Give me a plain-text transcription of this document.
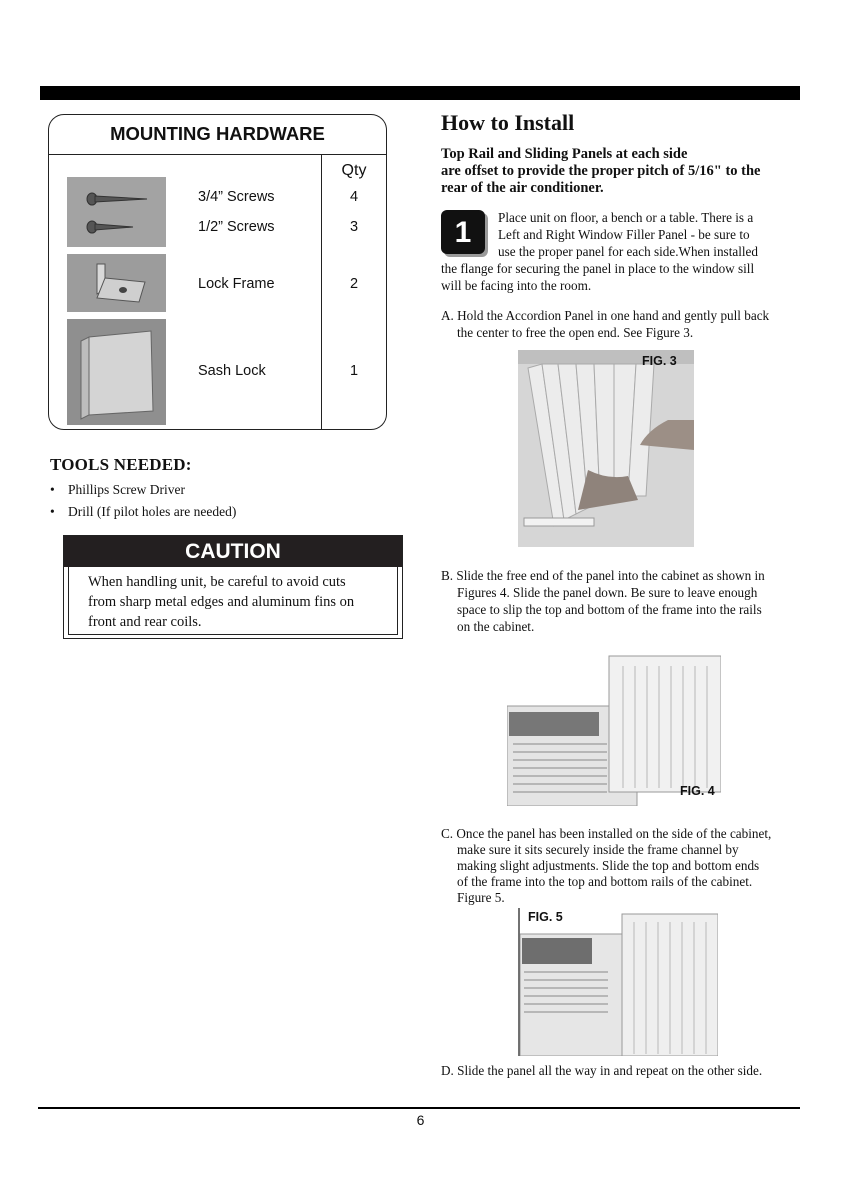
MOUNTING HARDWARE
Qty
3/4” Screws	4
1/2” Screws	3
Lock Frame	2
Sash Lock	1
TOOLS NEEDED:
• Phillips Screw Driver
• Drill (If pilot holes are needed)
CAUTION
When handling unit, be careful to avoid cuts
from sharp metal edges and aluminum fins on
front and rear coils.
How to Install
Top Rail and Sliding Panels at each side
are offset to provide the proper pitch of 5/16" to the
rear of the air conditioner.
1	Place unit on floor, a bench or a table. There is a
Left and Right Window Filler Panel - be sure to
use the proper panel for each side.When installed
the flange for securing the panel in place to the window sill
will be facing into the room.
A. Hold the Accordion Panel in one hand and gently pull back
the center to free the open end. See Figure 3.
FIG. 3
B. Slide the free end of the panel into the cabinet as shown in
Figures 4. Slide the panel down. Be sure to leave enough
space to slip the top and bottom of the frame into the rails
on the cabinet.
FIG. 4
C. Once the panel has been installed on the side of the cabinet,
make sure it sits securely inside the frame channel by
making slight adjustments. Slide the top and bottom ends
of the frame into the top and bottom rails of the cabinet.
Figure 5.
FIG. 5
D. Slide the panel all the way in and repeat on the other side.
6
